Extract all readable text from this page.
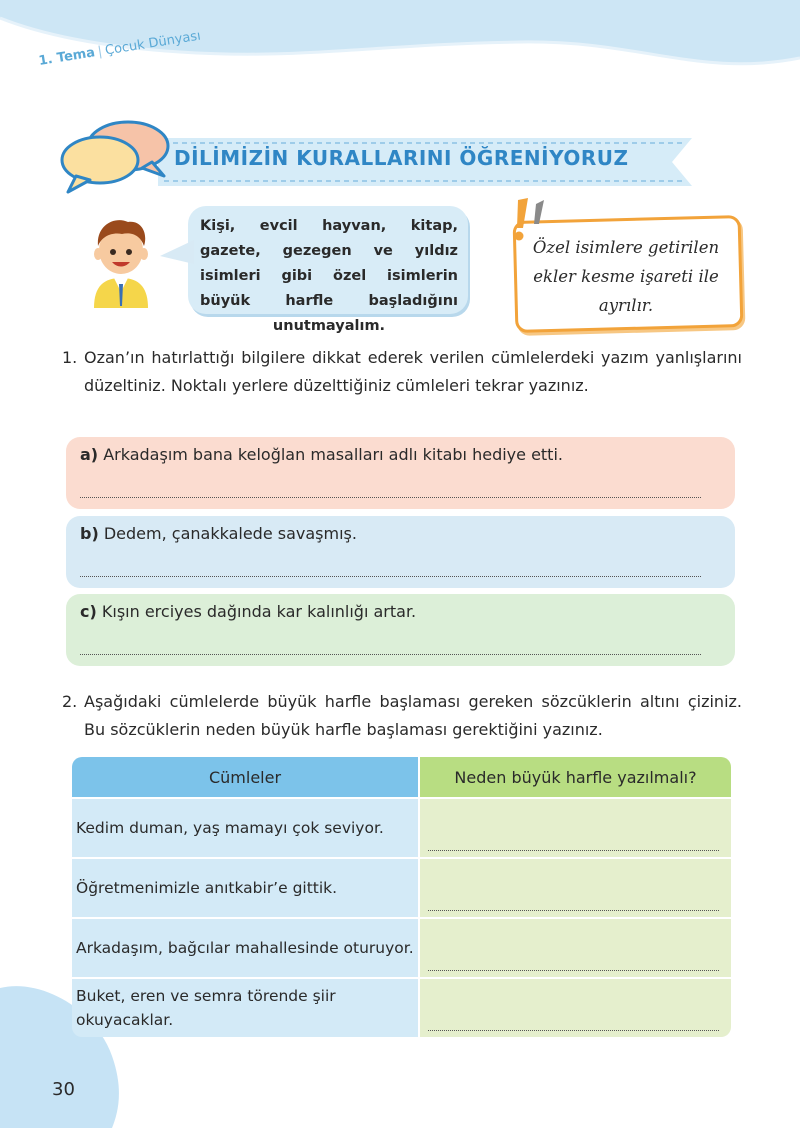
1. Tema|Çocuk Dünyası
DİLİMİZİN KURALLARINI ÖĞRENİYORUZ
Kişi, evcil hayvan, kitap, gazete, gezegen ve yıldız isimleri gibi özel isimlerin büyük harfle başladığını unutmayalım.
Özel isimlere getirilen ekler kesme işareti ile ayrılır.
1. Ozan’ın hatırlattığı bilgilere dikkat ederek verilen cümlelerdeki yazım yanlışlarını düzeltiniz. Noktalı yerlere düzelttiğiniz cümleleri tekrar yazınız.
a) Arkadaşım bana keloğlan masalları adlı kitabı hediye etti.
b) Dedem, çanakkalede savaşmış.
c) Kışın erciyes dağında kar kalınlığı artar.
2. Aşağıdaki cümlelerde büyük harfle başlaması gereken sözcüklerin altını çiziniz. Bu sözcüklerin neden büyük harfle başlaması gerektiğini yazınız.
Cümleler	Neden büyük harfle yazılmalı?
Kedim duman, yaş mamayı çok seviyor.	

Öğretmenimizle anıtkabir’e gittik.	

Arkadaşım, bağcılar mahallesinde oturuyor.	

Buket, eren ve semra törende şiir okuyacaklar.	
30
